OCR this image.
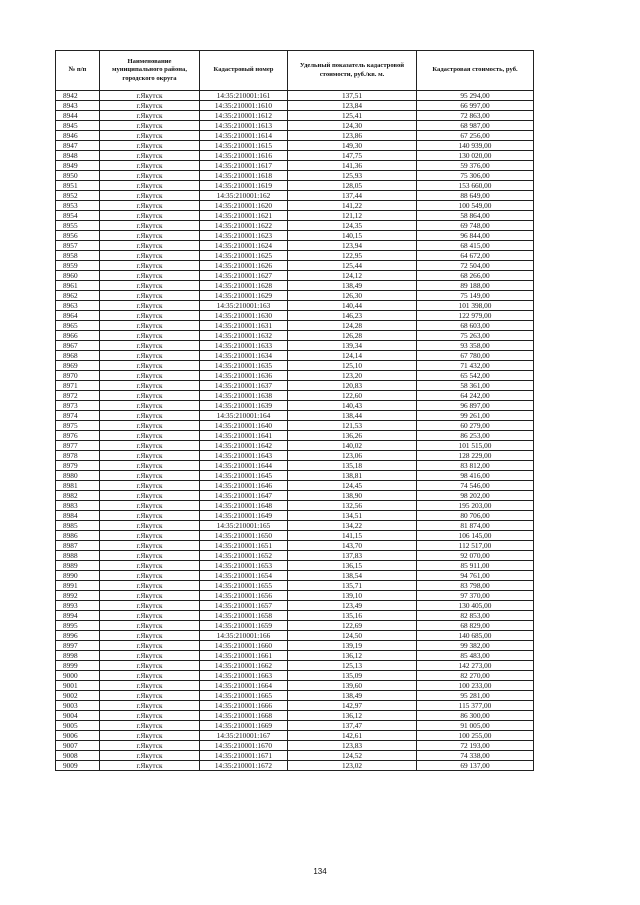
№ п/п	Наименование муниципального района, городского округа	Кадастровый номер	Удельный показатель кадастровой стоимости, руб./кв. м.	Кадастровая стоимость, руб.
8942	г.Якутск	14:35:210001:161	137,51	95 294,00
8943	г.Якутск	14:35:210001:1610	123,84	66 997,00
8944	г.Якутск	14:35:210001:1612	125,41	72 863,00
8945	г.Якутск	14:35:210001:1613	124,30	68 987,00
8946	г.Якутск	14:35:210001:1614	123,86	67 256,00
8947	г.Якутск	14:35:210001:1615	149,30	140 939,00
8948	г.Якутск	14:35:210001:1616	147,75	130 020,00
8949	г.Якутск	14:35:210001:1617	141,36	59 376,00
8950	г.Якутск	14:35:210001:1618	125,93	75 306,00
8951	г.Якутск	14:35:210001:1619	128,05	153 660,00
8952	г.Якутск	14:35:210001:162	137,44	88 649,00
8953	г.Якутск	14:35:210001:1620	141,22	100 549,00
8954	г.Якутск	14:35:210001:1621	121,12	58 864,00
8955	г.Якутск	14:35:210001:1622	124,35	69 748,00
8956	г.Якутск	14:35:210001:1623	140,15	96 844,00
8957	г.Якутск	14:35:210001:1624	123,94	68 415,00
8958	г.Якутск	14:35:210001:1625	122,95	64 672,00
8959	г.Якутск	14:35:210001:1626	125,44	72 504,00
8960	г.Якутск	14:35:210001:1627	124,12	68 266,00
8961	г.Якутск	14:35:210001:1628	138,49	89 188,00
8962	г.Якутск	14:35:210001:1629	126,30	75 149,00
8963	г.Якутск	14:35:210001:163	140,44	101 398,00
8964	г.Якутск	14:35:210001:1630	146,23	122 979,00
8965	г.Якутск	14:35:210001:1631	124,28	68 603,00
8966	г.Якутск	14:35:210001:1632	126,28	75 263,00
8967	г.Якутск	14:35:210001:1633	139,34	93 358,00
8968	г.Якутск	14:35:210001:1634	124,14	67 780,00
8969	г.Якутск	14:35:210001:1635	125,10	71 432,00
8970	г.Якутск	14:35:210001:1636	123,20	65 542,00
8971	г.Якутск	14:35:210001:1637	120,83	58 361,00
8972	г.Якутск	14:35:210001:1638	122,60	64 242,00
8973	г.Якутск	14:35:210001:1639	140,43	96 897,00
8974	г.Якутск	14:35:210001:164	138,44	99 261,00
8975	г.Якутск	14:35:210001:1640	121,53	60 279,00
8976	г.Якутск	14:35:210001:1641	136,26	86 253,00
8977	г.Якутск	14:35:210001:1642	140,02	101 515,00
8978	г.Якутск	14:35:210001:1643	123,06	128 229,00
8979	г.Якутск	14:35:210001:1644	135,18	83 812,00
8980	г.Якутск	14:35:210001:1645	138,81	98 416,00
8981	г.Якутск	14:35:210001:1646	124,45	74 546,00
8982	г.Якутск	14:35:210001:1647	138,90	98 202,00
8983	г.Якутск	14:35:210001:1648	132,56	195 203,00
8984	г.Якутск	14:35:210001:1649	134,51	80 706,00
8985	г.Якутск	14:35:210001:165	134,22	81 874,00
8986	г.Якутск	14:35:210001:1650	141,15	106 145,00
8987	г.Якутск	14:35:210001:1651	143,70	112 517,00
8988	г.Якутск	14:35:210001:1652	137,83	92 070,00
8989	г.Якутск	14:35:210001:1653	136,15	85 911,00
8990	г.Якутск	14:35:210001:1654	138,54	94 761,00
8991	г.Якутск	14:35:210001:1655	135,71	83 798,00
8992	г.Якутск	14:35:210001:1656	139,10	97 370,00
8993	г.Якутск	14:35:210001:1657	123,49	130 405,00
8994	г.Якутск	14:35:210001:1658	135,16	82 853,00
8995	г.Якутск	14:35:210001:1659	122,69	68 829,00
8996	г.Якутск	14:35:210001:166	124,50	140 685,00
8997	г.Якутск	14:35:210001:1660	139,19	99 382,00
8998	г.Якутск	14:35:210001:1661	136,12	85 483,00
8999	г.Якутск	14:35:210001:1662	125,13	142 273,00
9000	г.Якутск	14:35:210001:1663	135,09	82 270,00
9001	г.Якутск	14:35:210001:1664	139,60	100 233,00
9002	г.Якутск	14:35:210001:1665	138,49	95 281,00
9003	г.Якутск	14:35:210001:1666	142,97	115 377,00
9004	г.Якутск	14:35:210001:1668	136,12	86 300,00
9005	г.Якутск	14:35:210001:1669	137,47	91 005,00
9006	г.Якутск	14:35:210001:167	142,61	100 255,00
9007	г.Якутск	14:35:210001:1670	123,83	72 193,00
9008	г.Якутск	14:35:210001:1671	124,52	74 338,00
9009	г.Якутск	14:35:210001:1672	123,02	69 137,00
134
